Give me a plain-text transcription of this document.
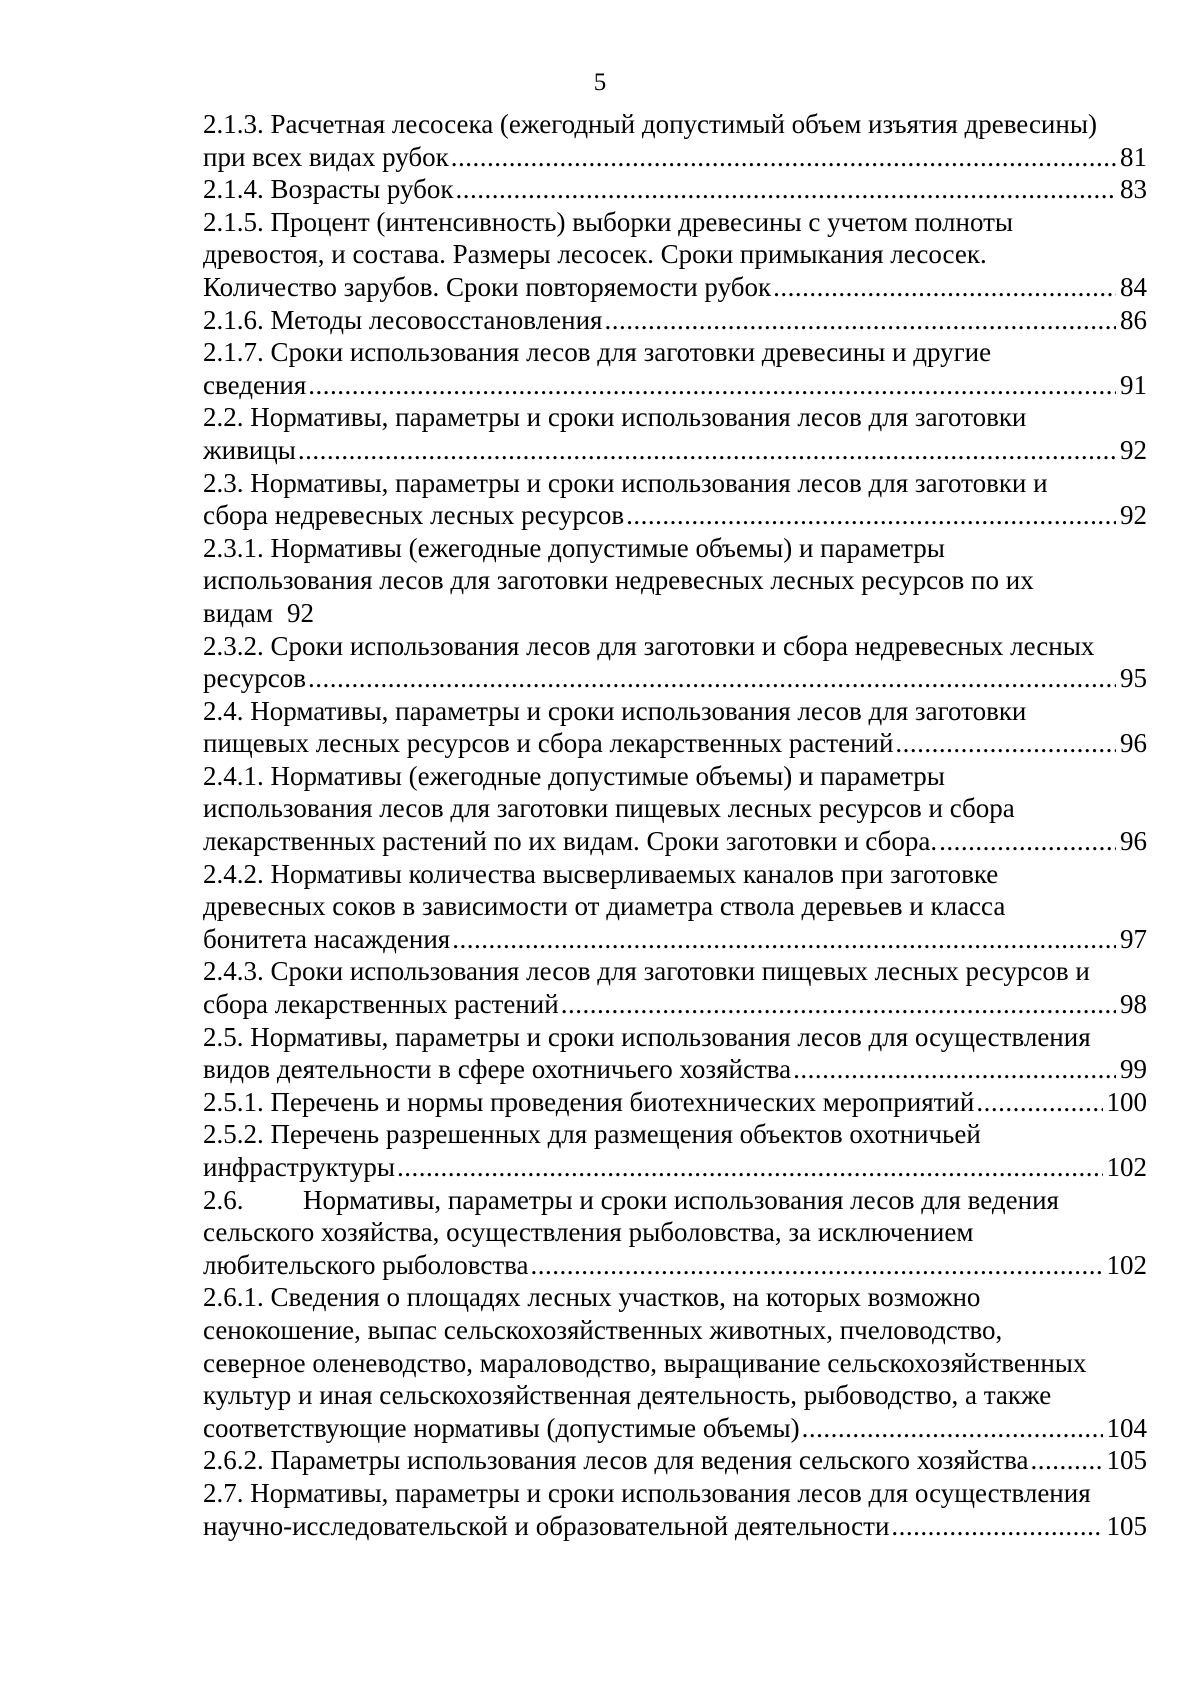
5
2.1.3. Расчетная лесосека (ежегодный допустимый объем изъятия древесины)
при всех видах рубок .....	81
2.1.4. Возрасты рубок .....	83
2.1.5. Процент (интенсивность) выборки древесины с учетом полноты
древостоя, и состава. Размеры лесосек. Сроки примыкания лесосек.
Количество зарубов. Сроки повторяемости рубок .....	84
2.1.6. Методы лесовосстановления .....	86
2.1.7. Сроки использования лесов для заготовки древесины и другие
сведения .....	91
2.2. Нормативы, параметры и сроки использования лесов для заготовки
живицы .....	92
2.3. Нормативы, параметры и сроки использования лесов для заготовки и
сбора недревесных лесных ресурсов .....	92
2.3.1. Нормативы (ежегодные допустимые объемы) и параметры
использования лесов для заготовки недревесных лесных ресурсов по их
видам 92
2.3.2. Сроки использования лесов для заготовки и сбора недревесных лесных
ресурсов .....	95
2.4. Нормативы, параметры и сроки использования лесов для заготовки
пищевых лесных ресурсов и сбора лекарственных растений .....	96
2.4.1. Нормативы (ежегодные допустимые объемы) и параметры
использования лесов для заготовки пищевых лесных ресурсов и сбора
лекарственных растений по их видам. Сроки заготовки и сбора. .....	96
2.4.2. Нормативы количества высверливаемых каналов при заготовке
древесных соков в зависимости от диаметра ствола деревьев и класса
бонитета насаждения .....	97
2.4.3. Сроки использования лесов для заготовки пищевых лесных ресурсов и
сбора лекарственных растений .....	98
2.5. Нормативы, параметры и сроки использования лесов для осуществления
видов деятельности в сфере охотничьего хозяйства .....	99
2.5.1. Перечень и нормы проведения биотехнических мероприятий .....	100
2.5.2. Перечень разрешенных для размещения объектов охотничьей
инфраструктуры .....	102
2.6.	Нормативы, параметры и сроки использования лесов для ведения
сельского хозяйства, осуществления рыболовства, за исключением
любительского рыболовства .....	102
2.6.1. Сведения о площадях лесных участков, на которых возможно
сенокошение, выпас сельскохозяйственных животных, пчеловодство,
северное оленеводство, мараловодство, выращивание сельскохозяйственных
культур и иная сельскохозяйственная деятельность, рыбоводство, а также
соответствующие нормативы (допустимые объемы) .....	104
2.6.2. Параметры использования лесов для ведения сельского хозяйства .....	105
2.7. Нормативы, параметры и сроки использования лесов для осуществления
научно-исследовательской и образовательной деятельности .....	105
